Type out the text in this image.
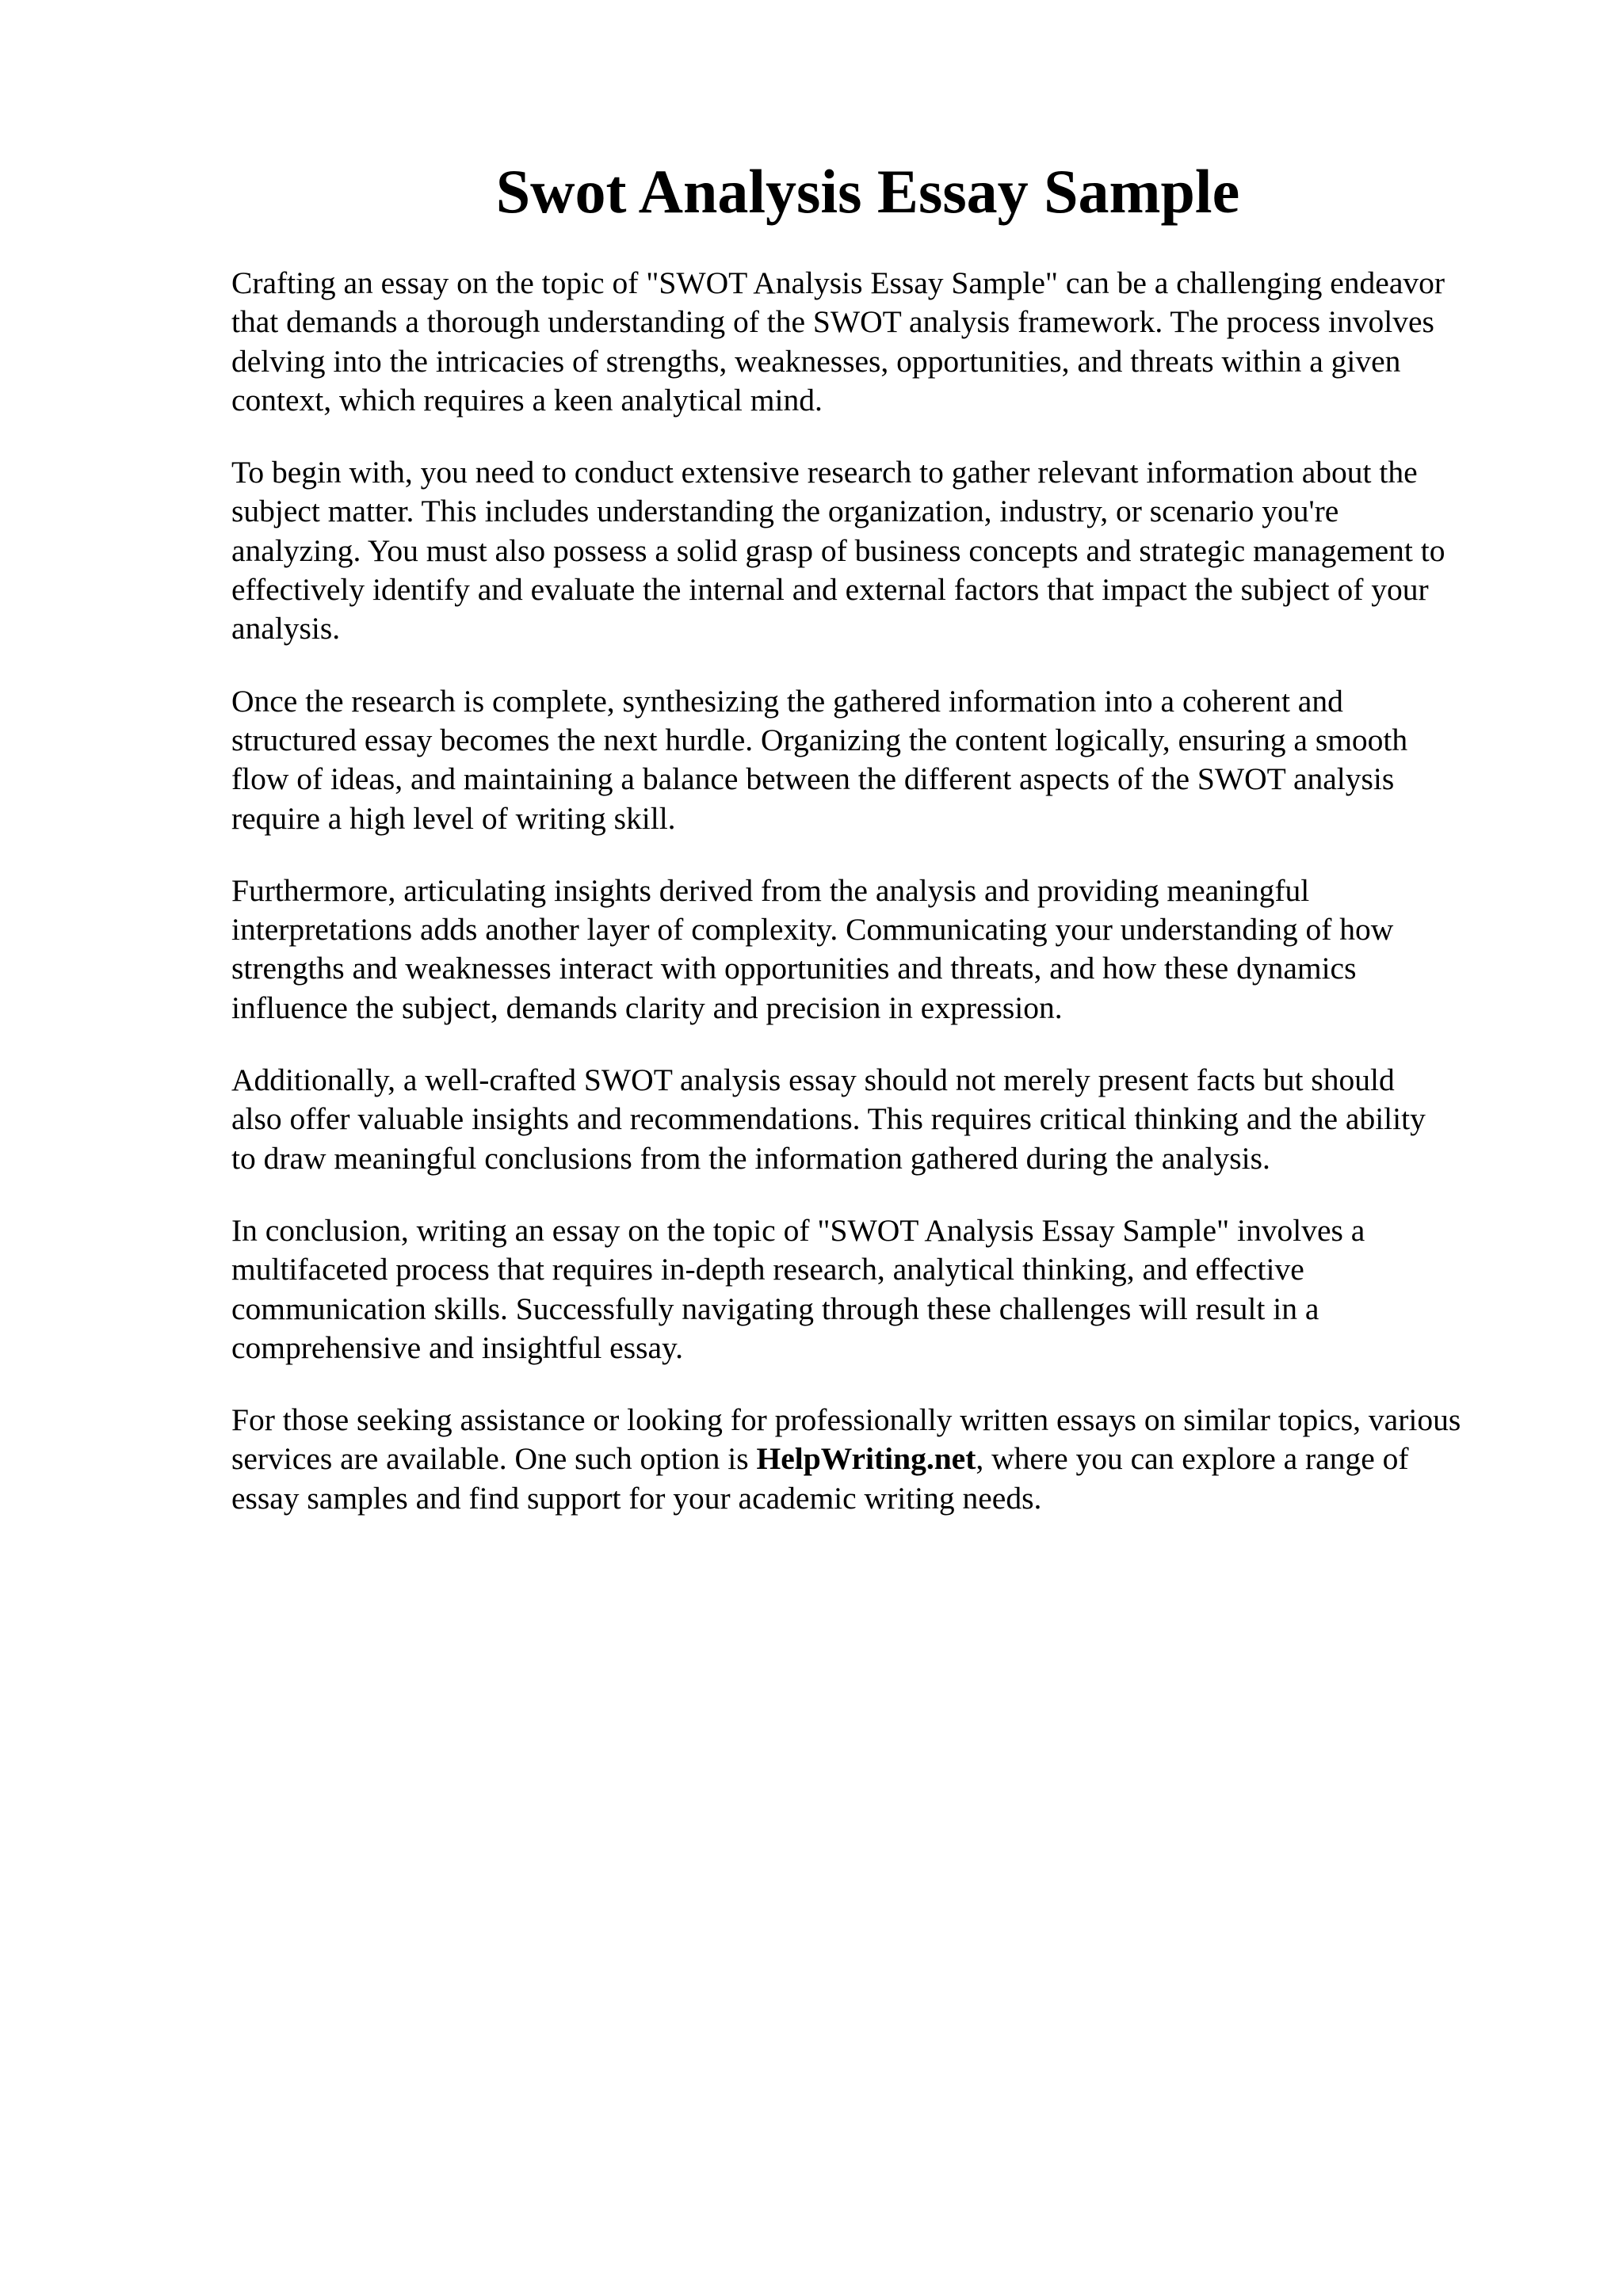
Swot Analysis Essay Sample

Crafting an essay on the topic of "SWOT Analysis Essay Sample" can be a challenging endeavor
that demands a thorough understanding of the SWOT analysis framework. The process involves
delving into the intricacies of strengths, weaknesses, opportunities, and threats within a given
context, which requires a keen analytical mind.

To begin with, you need to conduct extensive research to gather relevant information about the
subject matter. This includes understanding the organization, industry, or scenario you're
analyzing. You must also possess a solid grasp of business concepts and strategic management to
effectively identify and evaluate the internal and external factors that impact the subject of your
analysis.

Once the research is complete, synthesizing the gathered information into a coherent and
structured essay becomes the next hurdle. Organizing the content logically, ensuring a smooth
flow of ideas, and maintaining a balance between the different aspects of the SWOT analysis
require a high level of writing skill.

Furthermore, articulating insights derived from the analysis and providing meaningful
interpretations adds another layer of complexity. Communicating your understanding of how
strengths and weaknesses interact with opportunities and threats, and how these dynamics
influence the subject, demands clarity and precision in expression.

Additionally, a well-crafted SWOT analysis essay should not merely present facts but should
also offer valuable insights and recommendations. This requires critical thinking and the ability
to draw meaningful conclusions from the information gathered during the analysis.

In conclusion, writing an essay on the topic of "SWOT Analysis Essay Sample" involves a
multifaceted process that requires in-depth research, analytical thinking, and effective
communication skills. Successfully navigating through these challenges will result in a
comprehensive and insightful essay.

For those seeking assistance or looking for professionally written essays on similar topics, various
services are available. One such option is HelpWriting.net, where you can explore a range of
essay samples and find support for your academic writing needs.
